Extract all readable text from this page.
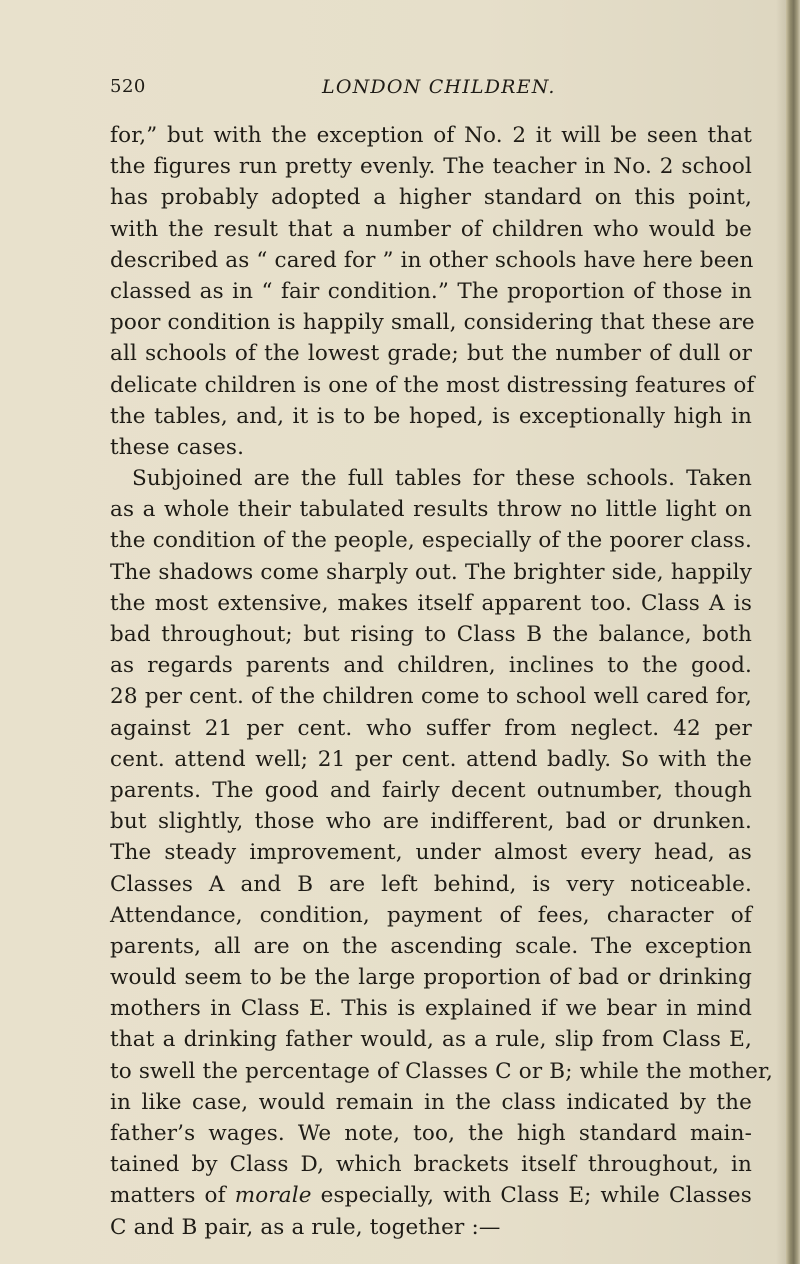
520	LONDON CHILDREN.
for,” but with the exception of No. 2 it will be seen that
the figures run pretty evenly. The teacher in No. 2 school
has probably adopted a higher standard on this point,
with the result that a number of children who would be
described as “ cared for ” in other schools have here been
classed as in “ fair condition.” The proportion of those in
poor condition is happily small, considering that these are
all schools of the lowest grade; but the number of dull or
delicate children is one of the most distressing features of
the tables, and, it is to be hoped, is exceptionally high in
these cases.
Subjoined are the full tables for these schools. Taken
as a whole their tabulated results throw no little light on
the condition of the people, especially of the poorer class.
The shadows come sharply out. The brighter side, happily
the most extensive, makes itself apparent too. Class A is
bad throughout; but rising to Class B the balance, both
as regards parents and children, inclines to the good.
28 per cent. of the children come to school well cared for,
against 21 per cent. who suffer from neglect. 42 per
cent. attend well; 21 per cent. attend badly. So with the
parents. The good and fairly decent outnumber, though
but slightly, those who are indifferent, bad or drunken.
The steady improvement, under almost every head, as
Classes A and B are left behind, is very noticeable.
Attendance, condition, payment of fees, character of
parents, all are on the ascending scale. The exception
would seem to be the large proportion of bad or drinking
mothers in Class E. This is explained if we bear in mind
that a drinking father would, as a rule, slip from Class E,
to swell the percentage of Classes C or B; while the mother,
in like case, would remain in the class indicated by the
father’s wages. We note, too, the high standard main-
tained by Class D, which brackets itself throughout, in
matters of morale especially, with Class E; while Classes
C and B pair, as a rule, together :—
